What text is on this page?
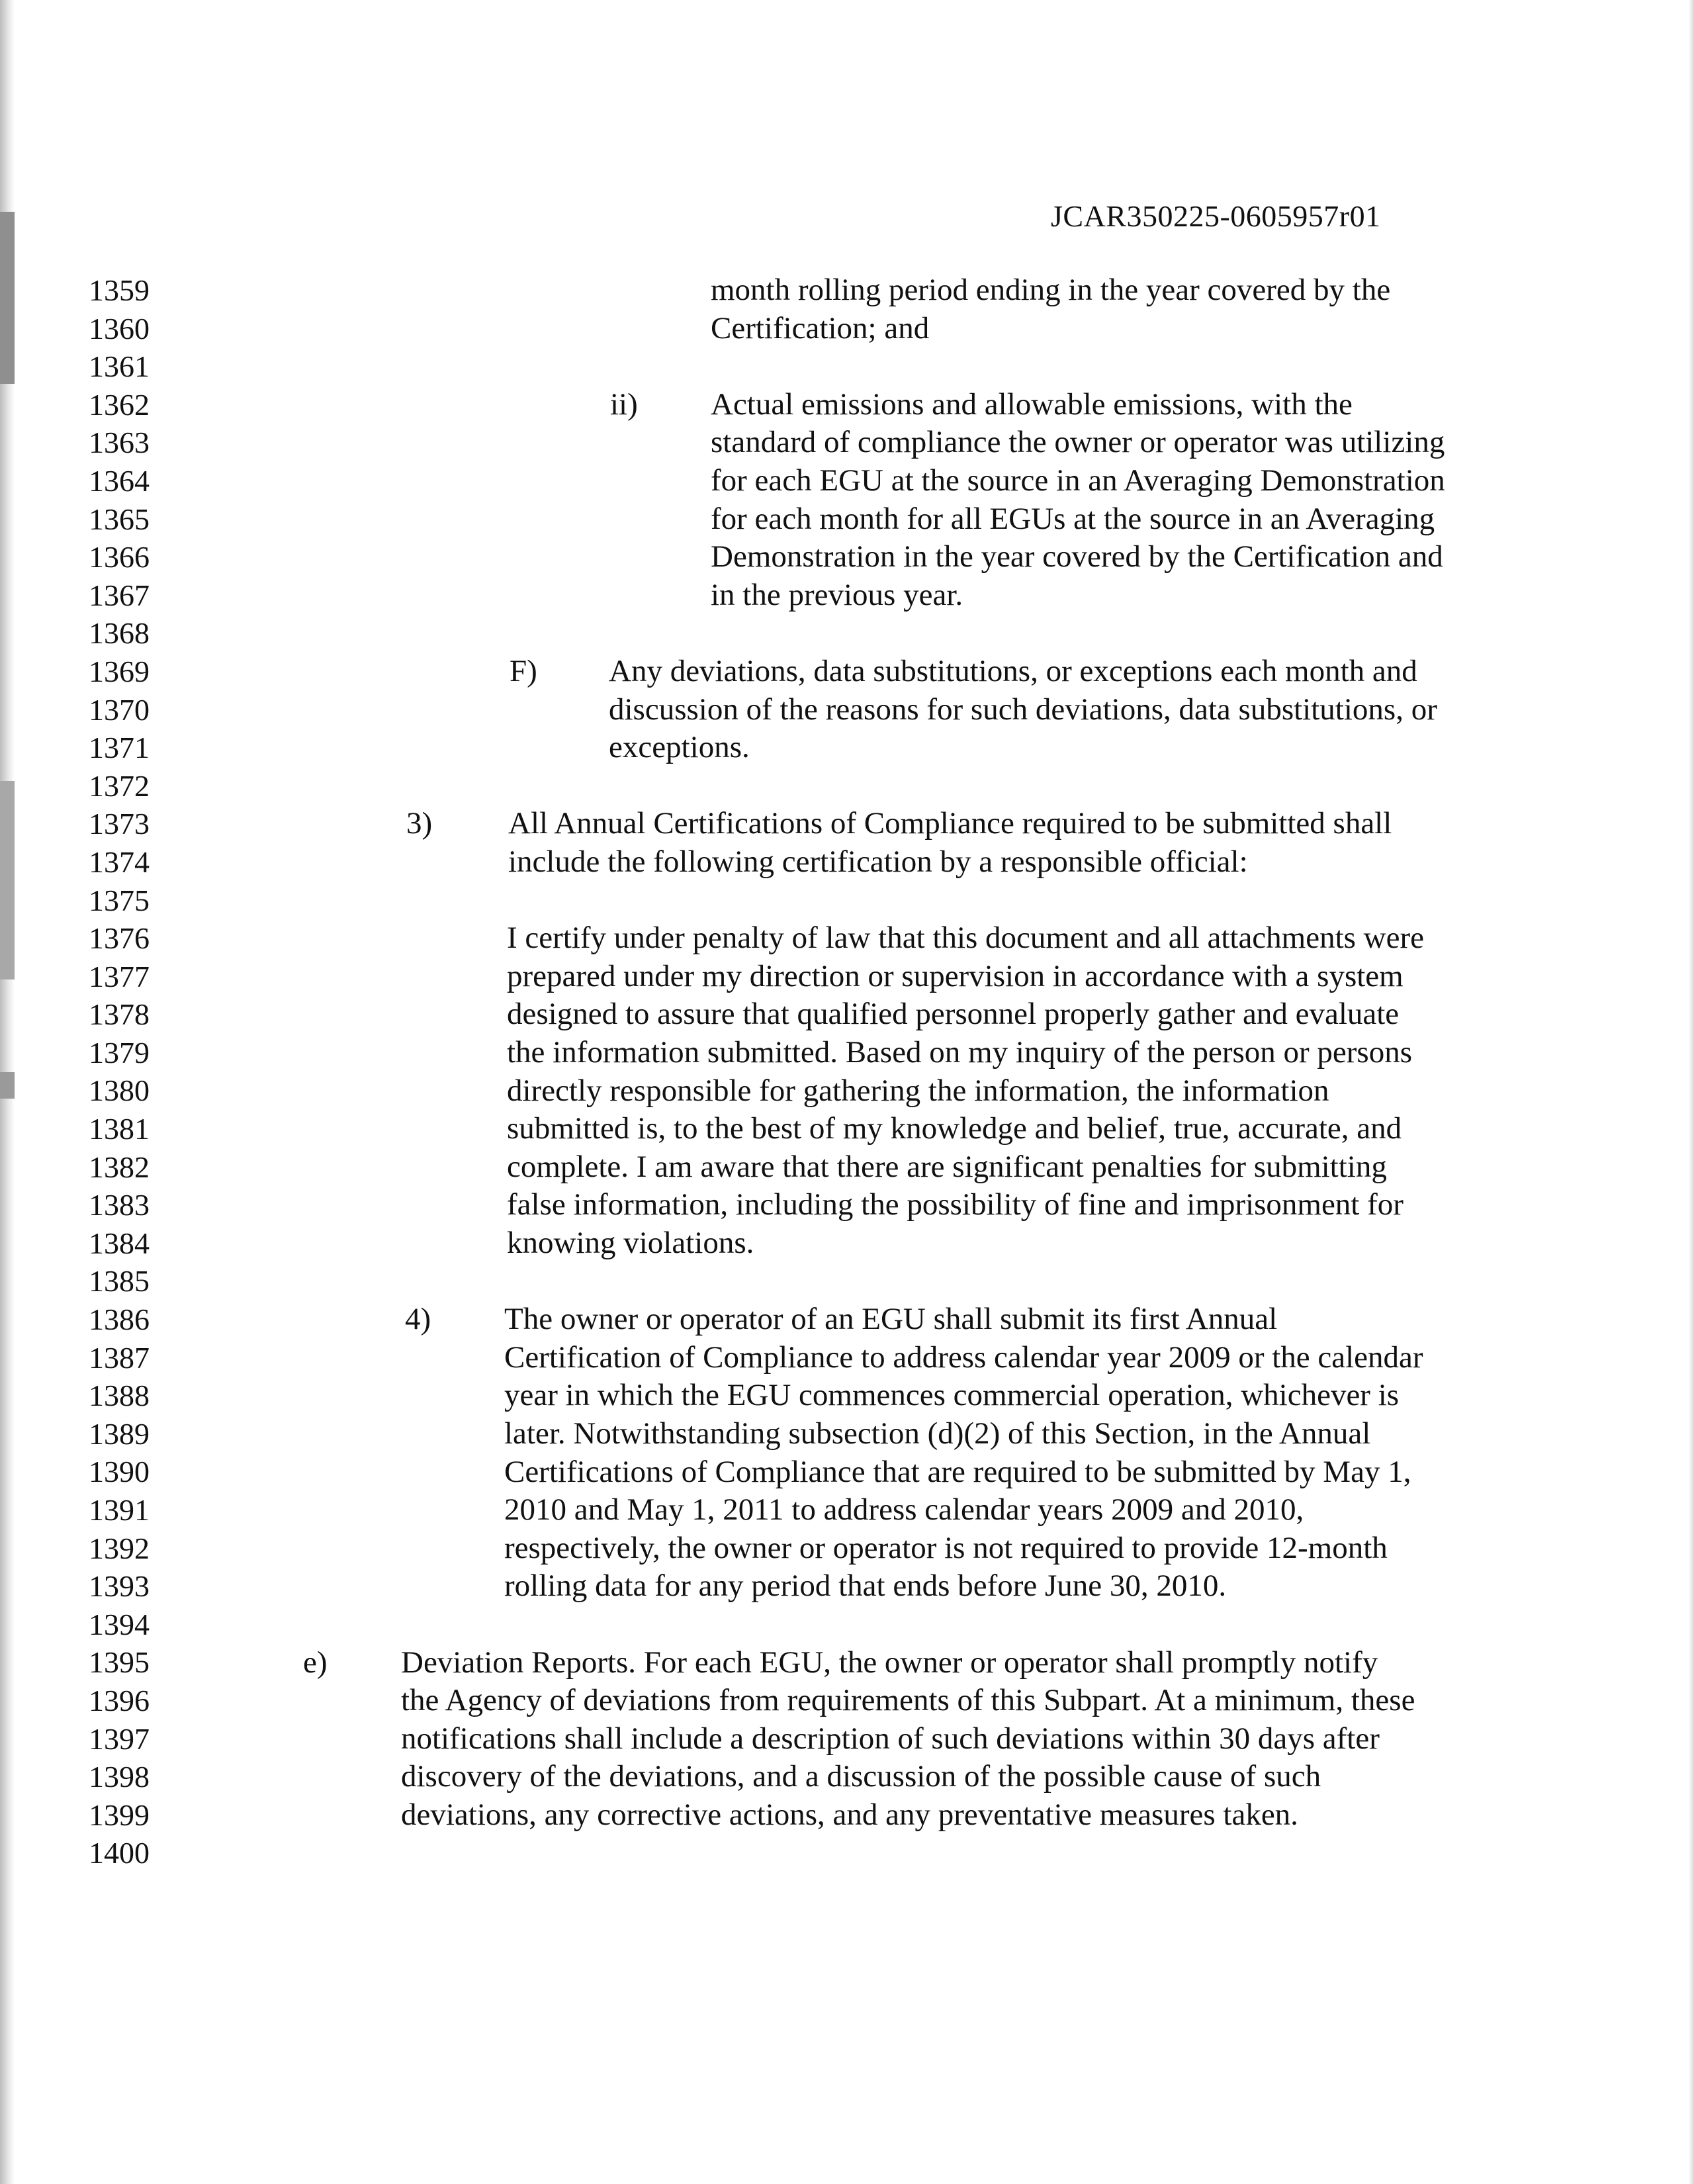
JCAR350225-0605957r01
1359
1360
1361
1362
1363
1364
1365
1366
1367
1368
1369
1370
1371
1372
1373
1374
1375
1376
1377
1378
1379
1380
1381
1382
1383
1384
1385
1386
1387
1388
1389
1390
1391
1392
1393
1394
1395
1396
1397
1398
1399
1400
month rolling period ending in the year covered by the
Certification; and
ii) Actual emissions and allowable emissions, with the
standard of compliance the owner or operator was utilizing
for each EGU at the source in an Averaging Demonstration
for each month for all EGUs at the source in an Averaging
Demonstration in the year covered by the Certification and
in the previous year.
F) Any deviations, data substitutions, or exceptions each month and
discussion of the reasons for such deviations, data substitutions, or
exceptions.
3) All Annual Certifications of Compliance required to be submitted shall
include the following certification by a responsible official:
I certify under penalty of law that this document and all attachments were
prepared under my direction or supervision in accordance with a system
designed to assure that qualified personnel properly gather and evaluate
the information submitted. Based on my inquiry of the person or persons
directly responsible for gathering the information, the information
submitted is, to the best of my knowledge and belief, true, accurate, and
complete. I am aware that there are significant penalties for submitting
false information, including the possibility of fine and imprisonment for
knowing violations.
4) The owner or operator of an EGU shall submit its first Annual
Certification of Compliance to address calendar year 2009 or the calendar
year in which the EGU commences commercial operation, whichever is
later. Notwithstanding subsection (d)(2) of this Section, in the Annual
Certifications of Compliance that are required to be submitted by May 1,
2010 and May 1, 2011 to address calendar years 2009 and 2010,
respectively, the owner or operator is not required to provide 12-month
rolling data for any period that ends before June 30, 2010.
e) Deviation Reports. For each EGU, the owner or operator shall promptly notify
the Agency of deviations from requirements of this Subpart. At a minimum, these
notifications shall include a description of such deviations within 30 days after
discovery of the deviations, and a discussion of the possible cause of such
deviations, any corrective actions, and any preventative measures taken.
